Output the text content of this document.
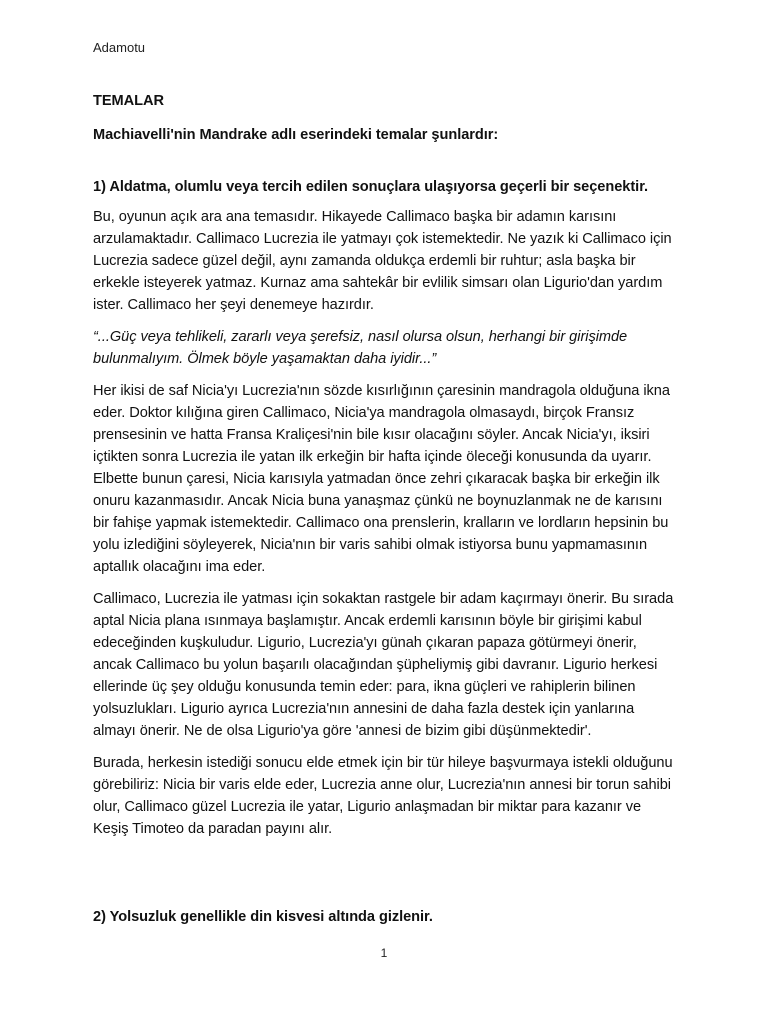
Adamotu
TEMALAR
Machiavelli'nin Mandrake adlı eserindeki temalar şunlardır:
1) Aldatma, olumlu veya tercih edilen sonuçlara ulaşıyorsa geçerli bir seçenektir.

Bu, oyunun açık ara ana temasıdır. Hikayede Callimaco başka bir adamın karısını arzulamaktadır. Callimaco Lucrezia ile yatmayı çok istemektedir. Ne yazık ki Callimaco için Lucrezia sadece güzel değil, aynı zamanda oldukça erdemli bir ruhtur; asla başka bir erkekle isteyerek yatmaz. Kurnaz ama sahtekâr bir evlilik simsarı olan Ligurio'dan yardım ister. Callimaco her şeyi denemeye hazırdır.

“...Güç veya tehlikeli, zararlı veya şerefsiz, nasıl olursa olsun, herhangi bir girişimde bulunmalıyım. Ölmek böyle yaşamaktan daha iyidir...”

Her ikisi de saf Nicia'yı Lucrezia'nın sözde kısırlığının çaresinin mandragola olduğuna ikna eder. Doktor kılığına giren Callimaco, Nicia'ya mandragola olmasaydı, birçok Fransız prensesinin ve hatta Fransa Kraliçesi'nin bile kısır olacağını söyler. Ancak Nicia'yı, iksiri içtikten sonra Lucrezia ile yatan ilk erkeğin bir hafta içinde öleceği konusunda da uyarır. Elbette bunun çaresi, Nicia karısıyla yatmadan önce zehri çıkaracak başka bir erkeğin ilk onuru kazanmasıdır. Ancak Nicia buna yanaşmaz çünkü ne boynuzlanmak ne de karısını bir fahişe yapmak istemektedir. Callimaco ona prenslerin, kralların ve lordların hepsinin bu yolu izlediğini söyleyerek, Nicia'nın bir varis sahibi olmak istiyorsa bunu yapmamasının aptallık olacağını ima eder.

Callimaco, Lucrezia ile yatması için sokaktan rastgele bir adam kaçırmayı önerir. Bu sırada aptal Nicia plana ısınmaya başlamıştır. Ancak erdemli karısının böyle bir girişimi kabul edeceğinden kuşkuludur. Ligurio, Lucrezia'yı günah çıkaran papaza götürmeyi önerir, ancak Callimaco bu yolun başarılı olacağından şüpheliymiş gibi davranır. Ligurio herkesi ellerinde üç şey olduğu konusunda temin eder: para, ikna güçleri ve rahiplerin bilinen yolsuzlukları. Ligurio ayrıca Lucrezia'nın annesini de daha fazla destek için yanlarına almayı önerir. Ne de olsa Ligurio'ya göre 'annesi de bizim gibi düşünmektedir'.

Burada, herkesin istediği sonucu elde etmek için bir tür hileye başvurmaya istekli olduğunu görebiliriz: Nicia bir varis elde eder, Lucrezia anne olur, Lucrezia'nın annesi bir torun sahibi olur, Callimaco güzel Lucrezia ile yatar, Ligurio anlaşmadan bir miktar para kazanır ve Keşiş Timoteo da paradan payını alır.

2) Yolsuzluk genellikle din kisvesi altında gizlenir.
1
